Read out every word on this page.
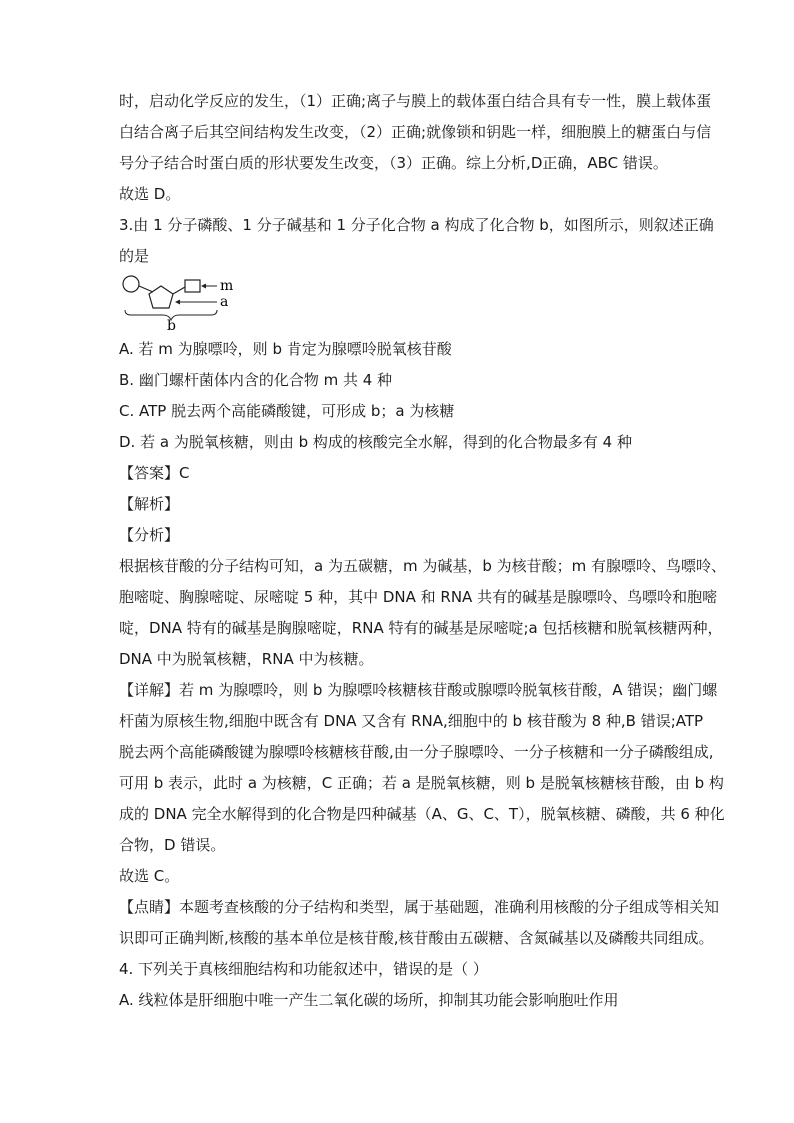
时，启动化学反应的发生，（1）正确;离子与膜上的载体蛋白结合具有专一性，膜上载体蛋
白结合离子后其空间结构发生改变，（2）正确;就像锁和钥匙一样，细胞膜上的糖蛋白与信
号分子结合时蛋白质的形状要发生改变，（3）正确。综上分析,D正确，ABC 错误。
故选 D。
3.由 1 分子磷酸、1 分子碱基和 1 分子化合物 a 构成了化合物 b，如图所示，则叙述正确
的是
m
a
b
A. 若 m 为腺嘌呤，则 b 肯定为腺嘌呤脱氧核苷酸
B. 幽门螺杆菌体内含的化合物 m 共 4 种
C. ATP 脱去两个高能磷酸键，可形成 b；a 为核糖
D. 若 a 为脱氧核糖，则由 b 构成的核酸完全水解，得到的化合物最多有 4 种
【答案】C
【解析】
【分析】
根据核苷酸的分子结构可知，a 为五碳糖，m 为碱基，b 为核苷酸；m 有腺嘌呤、鸟嘌呤、
胞嘧啶、胸腺嘧啶、尿嘧啶 5 种，其中 DNA 和 RNA 共有的碱基是腺嘌呤、鸟嘌呤和胞嘧
啶，DNA 特有的碱基是胸腺嘧啶，RNA 特有的碱基是尿嘧啶;a 包括核糖和脱氧核糖两种，
DNA 中为脱氧核糖，RNA 中为核糖。
【详解】若 m 为腺嘌呤，则 b 为腺嘌呤核糖核苷酸或腺嘌呤脱氧核苷酸，A 错误；幽门螺
杆菌为原核生物,细胞中既含有 DNA 又含有 RNA,细胞中的 b 核苷酸为 8 种,B 错误;ATP
脱去两个高能磷酸键为腺嘌呤核糖核苷酸,由一分子腺嘌呤、一分子核糖和一分子磷酸组成,
可用 b 表示，此时 a 为核糖，C 正确；若 a 是脱氧核糖，则 b 是脱氧核糖核苷酸，由 b 构
成的 DNA 完全水解得到的化合物是四种碱基（A、G、C、T），脱氧核糖、磷酸，共 6 种化
合物，D 错误。
故选 C。
【点睛】本题考查核酸的分子结构和类型，属于基础题，准确利用核酸的分子组成等相关知
识即可正确判断,核酸的基本单位是核苷酸,核苷酸由五碳糖、含氮碱基以及磷酸共同组成。
4. 下列关于真核细胞结构和功能叙述中，错误的是（ ）
A. 线粒体是肝细胞中唯一产生二氧化碳的场所，抑制其功能会影响胞吐作用
